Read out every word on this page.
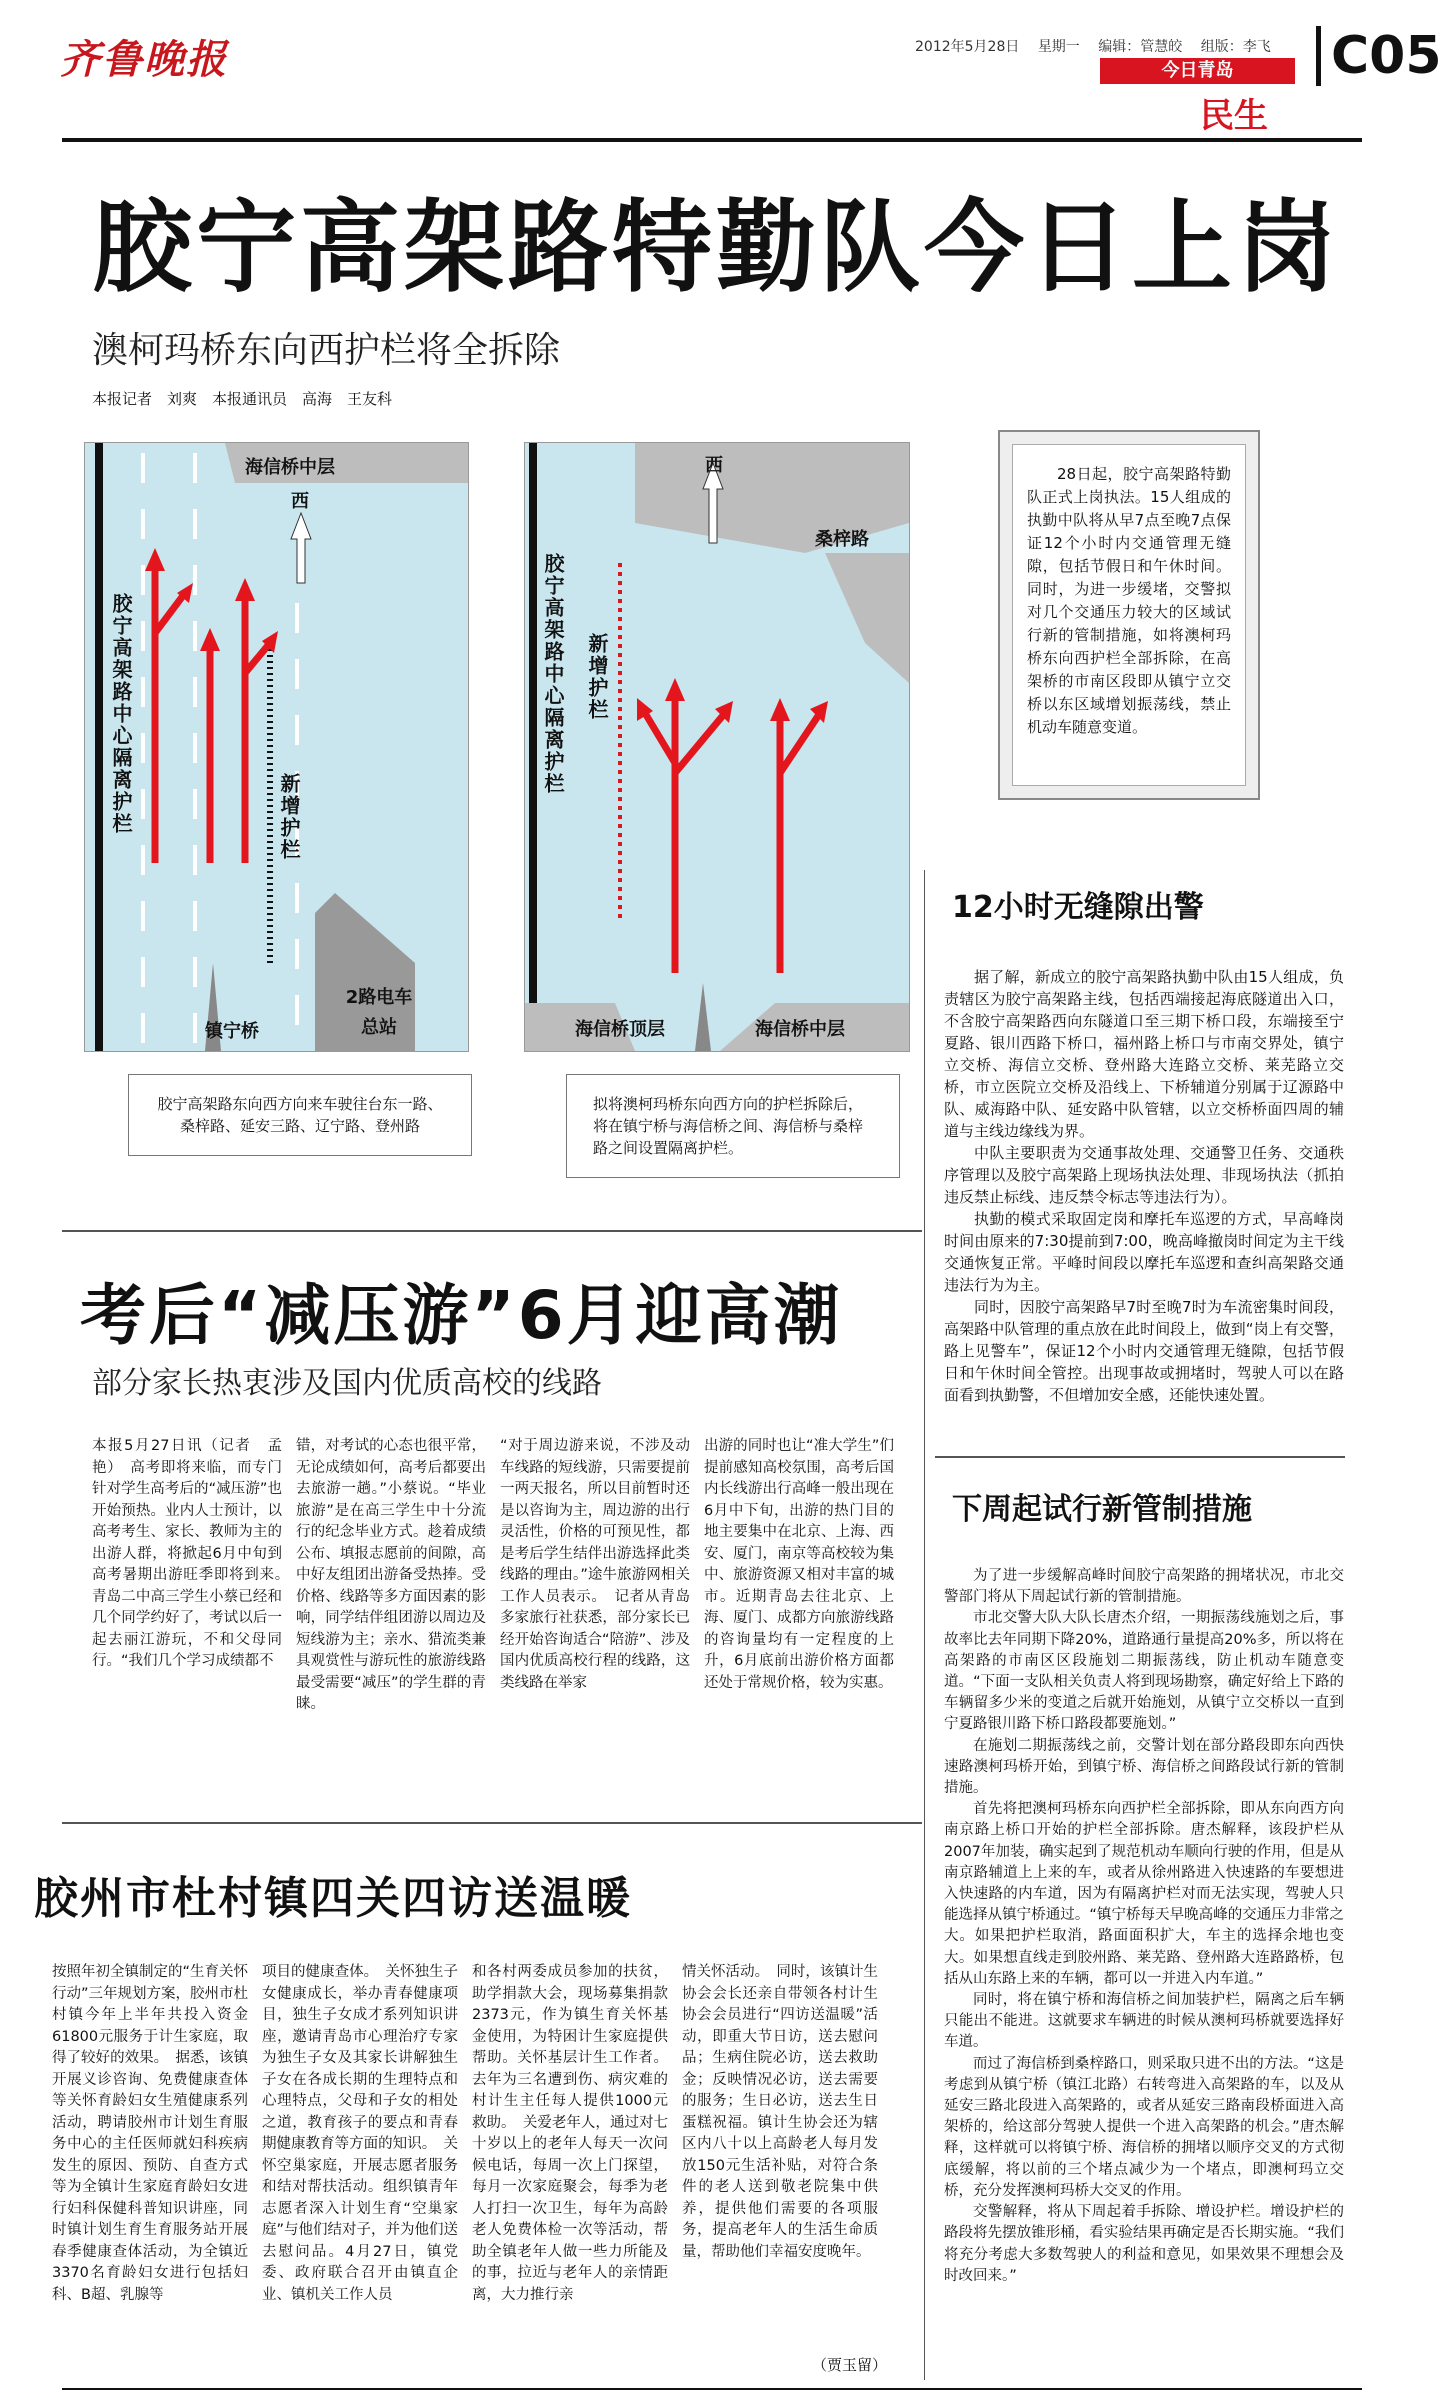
齐鲁晚报	2012年5月28日 星期一 编辑：管慧皎 组版：李飞
今日青岛
民生
C05
胶宁高架路特勤队今日上岗
澳柯玛桥东向西护栏将全拆除
本报记者　刘爽　本报通讯员　高海　王友科
海信桥中层
西
胶宁高架路中心隔离护栏	新增护栏
2路电车总站
镇宁桥
胶宁高架路东向西方向来车驶往台东一路、桑梓路、延安三路、辽宁路、登州路
西
桑梓路
胶宁高架路中心隔离护栏 新增护栏
海信桥顶层	海信桥中层
拟将澳柯玛桥东向西方向的护栏拆除后，将在镇宁桥与海信桥之间、海信桥与桑梓路之间设置隔离护栏。
28日起，胶宁高架路特勤队正式上岗执法。15人组成的执勤中队将从早7点至晚7点保证12个小时内交通管理无缝隙，包括节假日和午休时间。同时，为进一步缓堵，交警拟对几个交通压力较大的区域试行新的管制措施，如将澳柯玛桥东向西护栏全部拆除，在高架桥的市南区段即从镇宁立交桥以东区域增划振荡线，禁止机动车随意变道。
12小时无缝隙出警

据了解，新成立的胶宁高架路执勤中队由15人组成，负责辖区为胶宁高架路主线，包括西端接起海底隧道出入口，不含胶宁高架路西向东隧道口至三期下桥口段，东端接至宁夏路、银川西路下桥口，福州路上桥口与市南交界处，镇宁立交桥、海信立交桥、登州路大连路立交桥、莱芜路立交桥，市立医院立交桥及沿线上、下桥辅道分别属于辽源路中队、威海路中队、延安路中队管辖，以立交桥桥面四周的辅道与主线边缘线为界。

中队主要职责为交通事故处理、交通警卫任务、交通秩序管理以及胶宁高架路上现场执法处理、非现场执法（抓拍违反禁止标线、违反禁令标志等违法行为）。

执勤的模式采取固定岗和摩托车巡逻的方式，早高峰岗时间由原来的7:30提前到7:00，晚高峰撤岗时间定为主干线交通恢复正常。平峰时间段以摩托车巡逻和查纠高架路交通违法行为为主。

同时，因胶宁高架路早7时至晚7时为车流密集时间段，高架路中队管理的重点放在此时间段上，做到“岗上有交警，路上见警车”，保证12个小时内交通管理无缝隙，包括节假日和午休时间全管控。出现事故或拥堵时，驾驶人可以在路面看到执勤警，不但增加安全感，还能快速处置。

下周起试行新管制措施

为了进一步缓解高峰时间胶宁高架路的拥堵状况，市北交警部门将从下周起试行新的管制措施。

市北交警大队大队长唐杰介绍，一期振荡线施划之后，事故率比去年同期下降20%，道路通行量提高20%多，所以将在高架路的市南区区段施划二期振荡线，防止机动车随意变道。“下面一支队相关负责人将到现场勘察，确定好给上下路的车辆留多少米的变道之后就开始施划，从镇宁立交桥以一直到宁夏路银川路下桥口路段都要施划。”

在施划二期振荡线之前，交警计划在部分路段即东向西快速路澳柯玛桥开始，到镇宁桥、海信桥之间路段试行新的管制措施。

首先将把澳柯玛桥东向西护栏全部拆除，即从东向西方向南京路上桥口开始的护栏全部拆除。唐杰解释，该段护栏从2007年加装，确实起到了规范机动车顺向行驶的作用，但是从南京路辅道上上来的车，或者从徐州路进入快速路的车要想进入快速路的内车道，因为有隔离护栏对而无法实现，驾驶人只能选择从镇宁桥通过。“镇宁桥每天早晚高峰的交通压力非常之大。如果把护栏取消，路面面积扩大，车主的选择余地也变大。如果想直线走到胶州路、莱芜路、登州路大连路路桥，包括从山东路上来的车辆，都可以一并进入内车道。”

同时，将在镇宁桥和海信桥之间加装护栏，隔离之后车辆只能出不能进。这就要求车辆进的时候从澳柯玛桥就要选择好车道。

而过了海信桥到桑梓路口，则采取只进不出的方法。“这是考虑到从镇宁桥（镇江北路）右转弯进入高架路的车，以及从延安三路北段进入高架路的，或者从延安三路南段桥面进入高架桥的，给这部分驾驶人提供一个进入高架路的机会。”唐杰解释，这样就可以将镇宁桥、海信桥的拥堵以顺序交叉的方式彻底缓解，将以前的三个堵点减少为一个堵点，即澳柯玛立交桥，充分发挥澳柯玛桥大交叉的作用。

交警解释，将从下周起着手拆除、增设护栏。增设护栏的路段将先摆放锥形桶，看实验结果再确定是否长期实施。“我们将充分考虑大多数驾驶人的利益和意见，如果效果不理想会及时改回来。”

考后“减压游”6月迎高潮
部分家长热衷涉及国内优质高校的线路
本报5月27日讯（记者　孟艳）　高考即将来临，而专门针对学生高考后的“减压游”也开始预热。业内人士预计，以高考考生、家长、教师为主的出游人群，将掀起6月中旬到高考暑期出游旺季即将到来。　青岛二中高三学生小蔡已经和几个同学约好了，考试以后一起去丽江游玩，不和父母同行。“我们几个学习成绩都不
错，对考试的心态也很平常，无论成绩如何，高考后都要出去旅游一趟。”小蔡说。“毕业旅游”是在高三学生中十分流行的纪念毕业方式。趁着成绩公布、填报志愿前的间隙，高中好友组团出游备受热捧。受价格、线路等多方面因素的影响，同学结伴组团游以周边及短线游为主；亲水、猎流类兼具观赏性与游玩性的旅游线路最受需要“减压”的学生群的青睐。
“对于周边游来说，不涉及动车线路的短线游，只需要提前一两天报名，所以目前暂时还是以咨询为主，周边游的出行灵活性，价格的可预见性，都是考后学生结伴出游选择此类线路的理由。”途牛旅游网相关工作人员表示。　记者从青岛多家旅行社获悉，部分家长已经开始咨询适合“陪游”、涉及国内优质高校行程的线路，这类线路在举家
出游的同时也让“准大学生”们提前感知高校氛围，高考后国内长线游出行高峰一般出现在6月中下旬，出游的热门目的地主要集中在北京、上海、西安、厦门，南京等高校较为集中、旅游资源又相对丰富的城市。近期青岛去往北京、上海、厦门、成都方向旅游线路的咨询量均有一定程度的上升，6月底前出游价格方面都还处于常规价格，较为实惠。
胶州市杜村镇四关四访送温暖
按照年初全镇制定的“生育关怀行动”三年规划方案，胶州市杜村镇今年上半年共投入资金61800元服务于计生家庭，取得了较好的效果。　据悉，该镇开展义诊咨询、免费健康查体等关怀育龄妇女生殖健康系列活动，聘请胶州市计划生育服务中心的主任医师就妇科疾病发生的原因、预防、自查方式等为全镇计生家庭育龄妇女进行妇科保健科普知识讲座，同时镇计划生育生育服务站开展春季健康查体活动，为全镇近3370名育龄妇女进行包括妇科、B超、乳腺等
项目的健康查体。　关怀独生子女健康成长，举办青春健康项目，独生子女成才系列知识讲座，邀请青岛市心理治疗专家为独生子女及其家长讲解独生子女在各成长期的生理特点和心理特点，父母和子女的相处之道，教育孩子的要点和青春期健康教育等方面的知识。　关怀空巢家庭，开展志愿者服务和结对帮扶活动。组织镇青年志愿者深入计划生育“空巢家庭”与他们结对子，并为他们送去慰问品。4月27日，镇党委、政府联合召开由镇直企业、镇机关工作人员
和各村两委成员参加的扶贫，助学捐款大会，现场募集捐款2373元，作为镇生育关怀基金使用，为特困计生家庭提供帮助。关怀基层计生工作者。去年为三名遭到伤、病灾难的村计生主任每人提供1000元救助。　关爱老年人，通过对七十岁以上的老年人每天一次问候电话，每周一次上门探望，每月一次家庭聚会，每季为老人打扫一次卫生，每年为高龄老人免费体检一次等活动，帮助全镇老年人做一些力所能及的事，拉近与老年人的亲情距离，大力推行亲
情关怀活动。　同时，该镇计生协会会长还亲自带领各村计生协会会员进行“四访送温暖”活动，即重大节日访，送去慰问品；生病住院必访，送去救助金；反映情况必访，送去需要的服务；生日必访，送去生日蛋糕祝福。镇计生协会还为辖区内八十以上高龄老人每月发放150元生活补贴，对符合条件的老人送到敬老院集中供养，提供他们需要的各项服务，提高老年人的生活生命质量，帮助他们幸福安度晚年。
（贾玉留）
